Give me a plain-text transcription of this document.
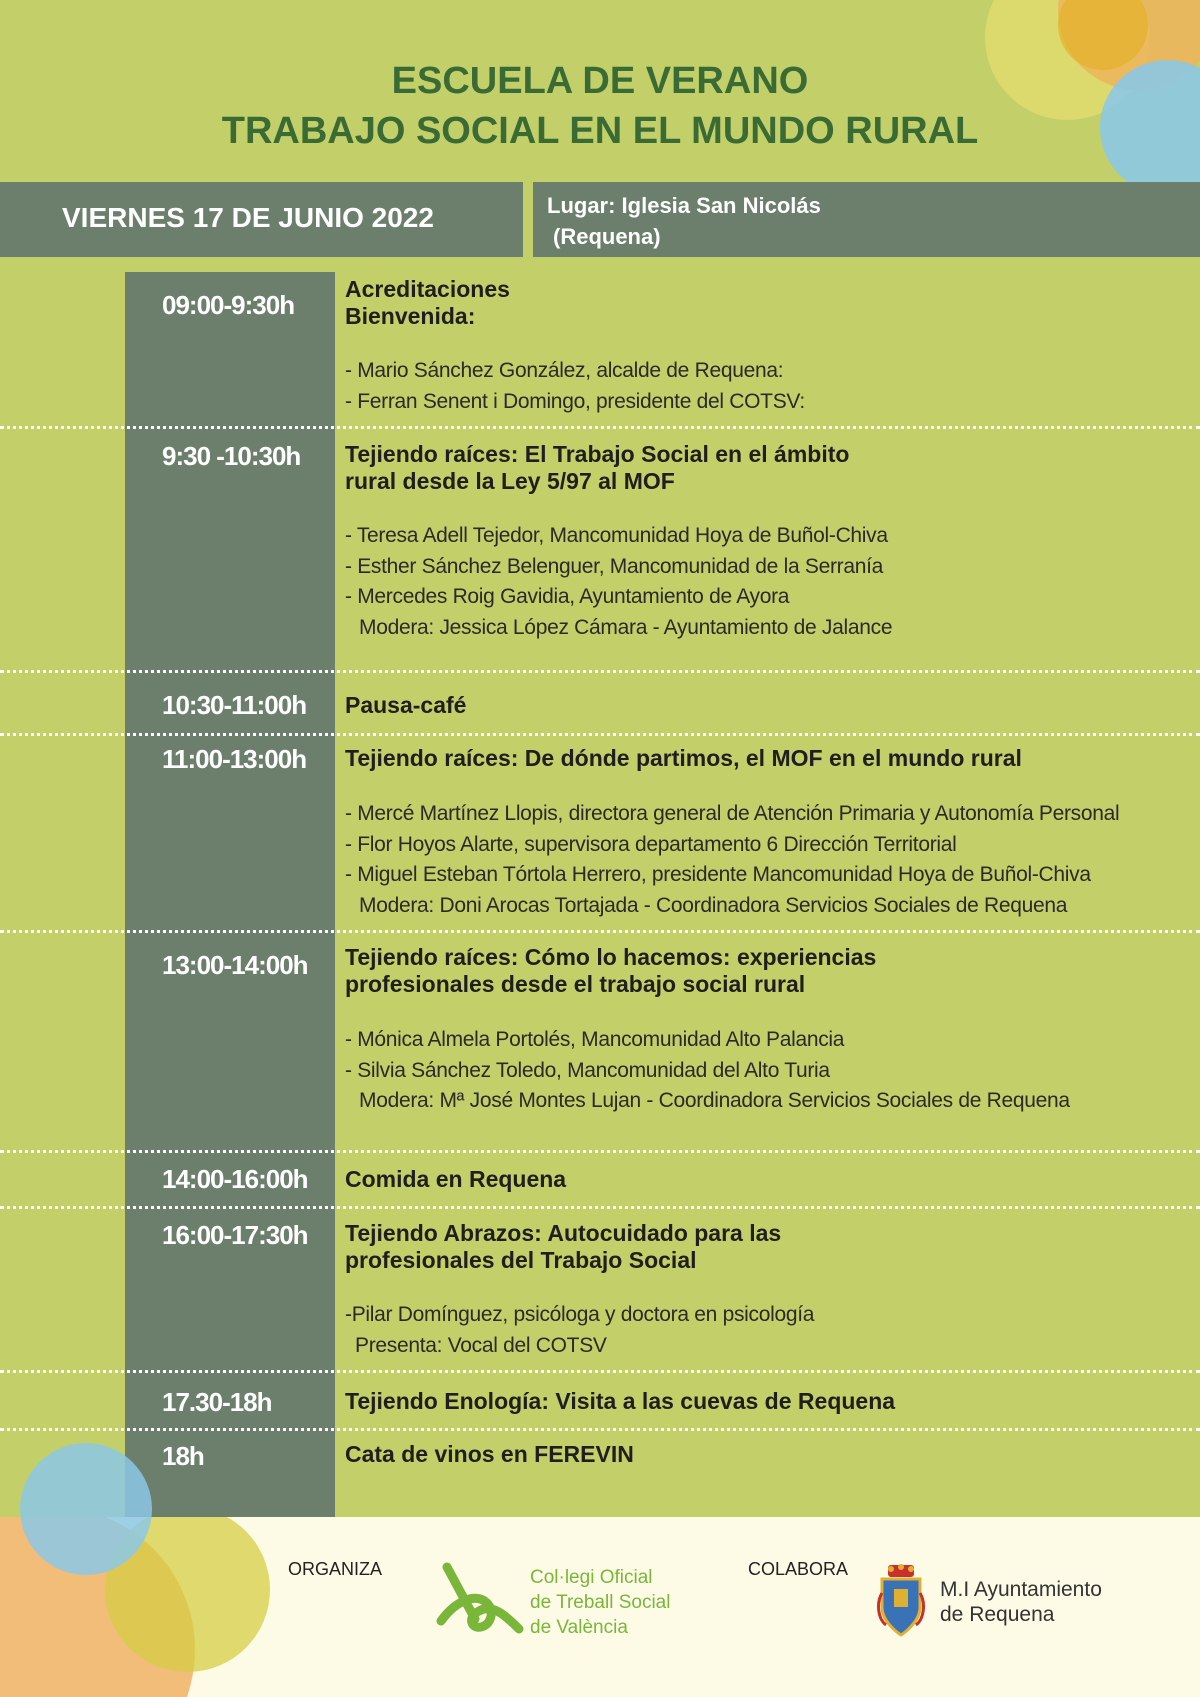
ESCUELA DE VERANO
TRABAJO SOCIAL EN EL MUNDO RURAL
VIERNES 17 DE JUNIO 2022	Lugar: Iglesia San Nicolás
(Requena)
09:00-9:30h
Acreditaciones
Bienvenida:
- Mario Sánchez González, alcalde de Requena:
- Ferran Senent i Domingo, presidente del COTSV:
9:30 -10:30h Tejiendo raíces: El Trabajo Social en el ámbito
rural desde la Ley 5/97 al MOF
- Teresa Adell Tejedor, Mancomunidad Hoya de Buñol-Chiva
- Esther Sánchez Belenguer, Mancomunidad de la Serranía
- Mercedes Roig Gavidia, Ayuntamiento de Ayora
Modera: Jessica López Cámara - Ayuntamiento de Jalance
10:30-11:00h Pausa-café
11:00-13:00h Tejiendo raíces: De dónde partimos, el MOF en el mundo rural
- Mercé Martínez Llopis, directora general de Atención Primaria y Autonomía Personal
- Flor Hoyos Alarte, supervisora departamento 6 Dirección Territorial
- Miguel Esteban Tórtola Herrero, presidente Mancomunidad Hoya de Buñol-Chiva
Modera: Doni Arocas Tortajada - Coordinadora Servicios Sociales de Requena
13:00-14:00h Tejiendo raíces: Cómo lo hacemos: experiencias
profesionales desde el trabajo social rural
- Mónica Almela Portolés, Mancomunidad Alto Palancia
- Silvia Sánchez Toledo, Mancomunidad del Alto Turia
Modera: Mª José Montes Lujan - Coordinadora Servicios Sociales de Requena
14:00-16:00h Comida en Requena
16:00-17:30h Tejiendo Abrazos: Autocuidado para las
profesionales del Trabajo Social
-Pilar Domínguez, psicóloga y doctora en psicología
Presenta: Vocal del COTSV
17.30-18h	Tejiendo Enología: Visita a las cuevas de Requena
18h	Cata de vinos en FEREVIN
ORGANIZA	Col·legi Oficial
de Treball Social
de València
COLABORA
M.I Ayuntamiento
de Requena
